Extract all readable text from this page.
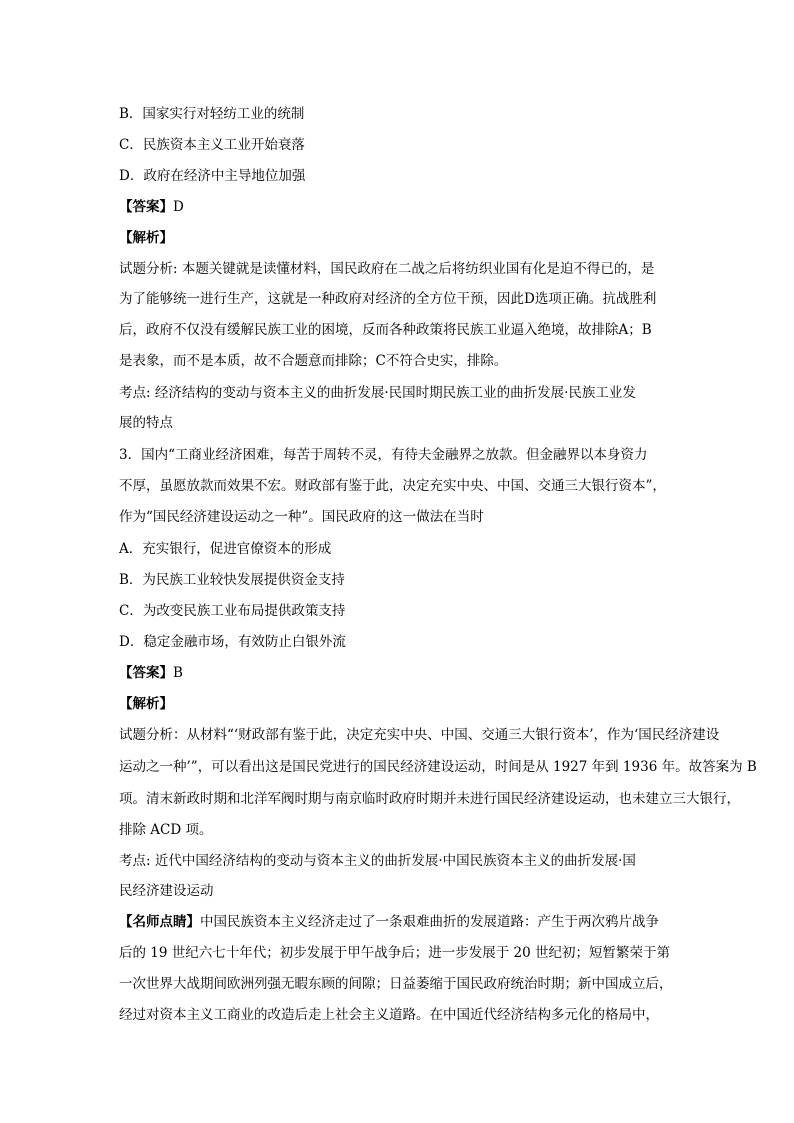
B．国家实行对轻纺工业的统制

C．民族资本主义工业开始衰落

D．政府在经济中主导地位加强

【答案】D

【解析】

试题分析: 本题关键就是读懂材料，国民政府在二战之后将纺织业国有化是迫不得已的，是

为了能够统一进行生产，这就是一种政府对经济的全方位干预，因此D选项正确。抗战胜利

后，政府不仅没有缓解民族工业的困境，反而各种政策将民族工业逼入绝境，故排除A；B

是表象，而不是本质，故不合题意而排除；C不符合史实，排除。

考点: 经济结构的变动与资本主义的曲折发展·民国时期民族工业的曲折发展·民族工业发

展的特点

3．国内“工商业经济困难，每苦于周转不灵，有待夫金融界之放款。但金融界以本身资力

不厚，虽愿放款而效果不宏。财政部有鉴于此，决定充实中央、中国、交通三大银行资本”，

作为“国民经济建设运动之一种”。国民政府的这一做法在当时

A．充实银行，促进官僚资本的形成

B．为民族工业较快发展提供资金支持

C．为改变民族工业布局提供政策支持

D．稳定金融市场，有效防止白银外流

【答案】B

【解析】

试题分析：从材料“‘财政部有鉴于此，决定充实中央、中国、交通三大银行资本’，作为‘国民经济建设

运动之一种’”，可以看出这是国民党进行的国民经济建设运动，时间是从 1927 年到 1936 年。故答案为 B

项。清末新政时期和北洋军阀时期与南京临时政府时期并未进行国民经济建设运动，也未建立三大银行，

排除 ACD 项。

考点: 近代中国经济结构的变动与资本主义的曲折发展·中国民族资本主义的曲折发展·国

民经济建设运动

【名师点睛】中国民族资本主义经济走过了一条艰难曲折的发展道路：产生于两次鸦片战争

后的 19 世纪六七十年代；初步发展于甲午战争后；进一步发展于 20 世纪初；短暂繁荣于第

一次世界大战期间欧洲列强无暇东顾的间隙；日益萎缩于国民政府统治时期；新中国成立后，

经过对资本主义工商业的改造后走上社会主义道路。在中国近代经济结构多元化的格局中，
